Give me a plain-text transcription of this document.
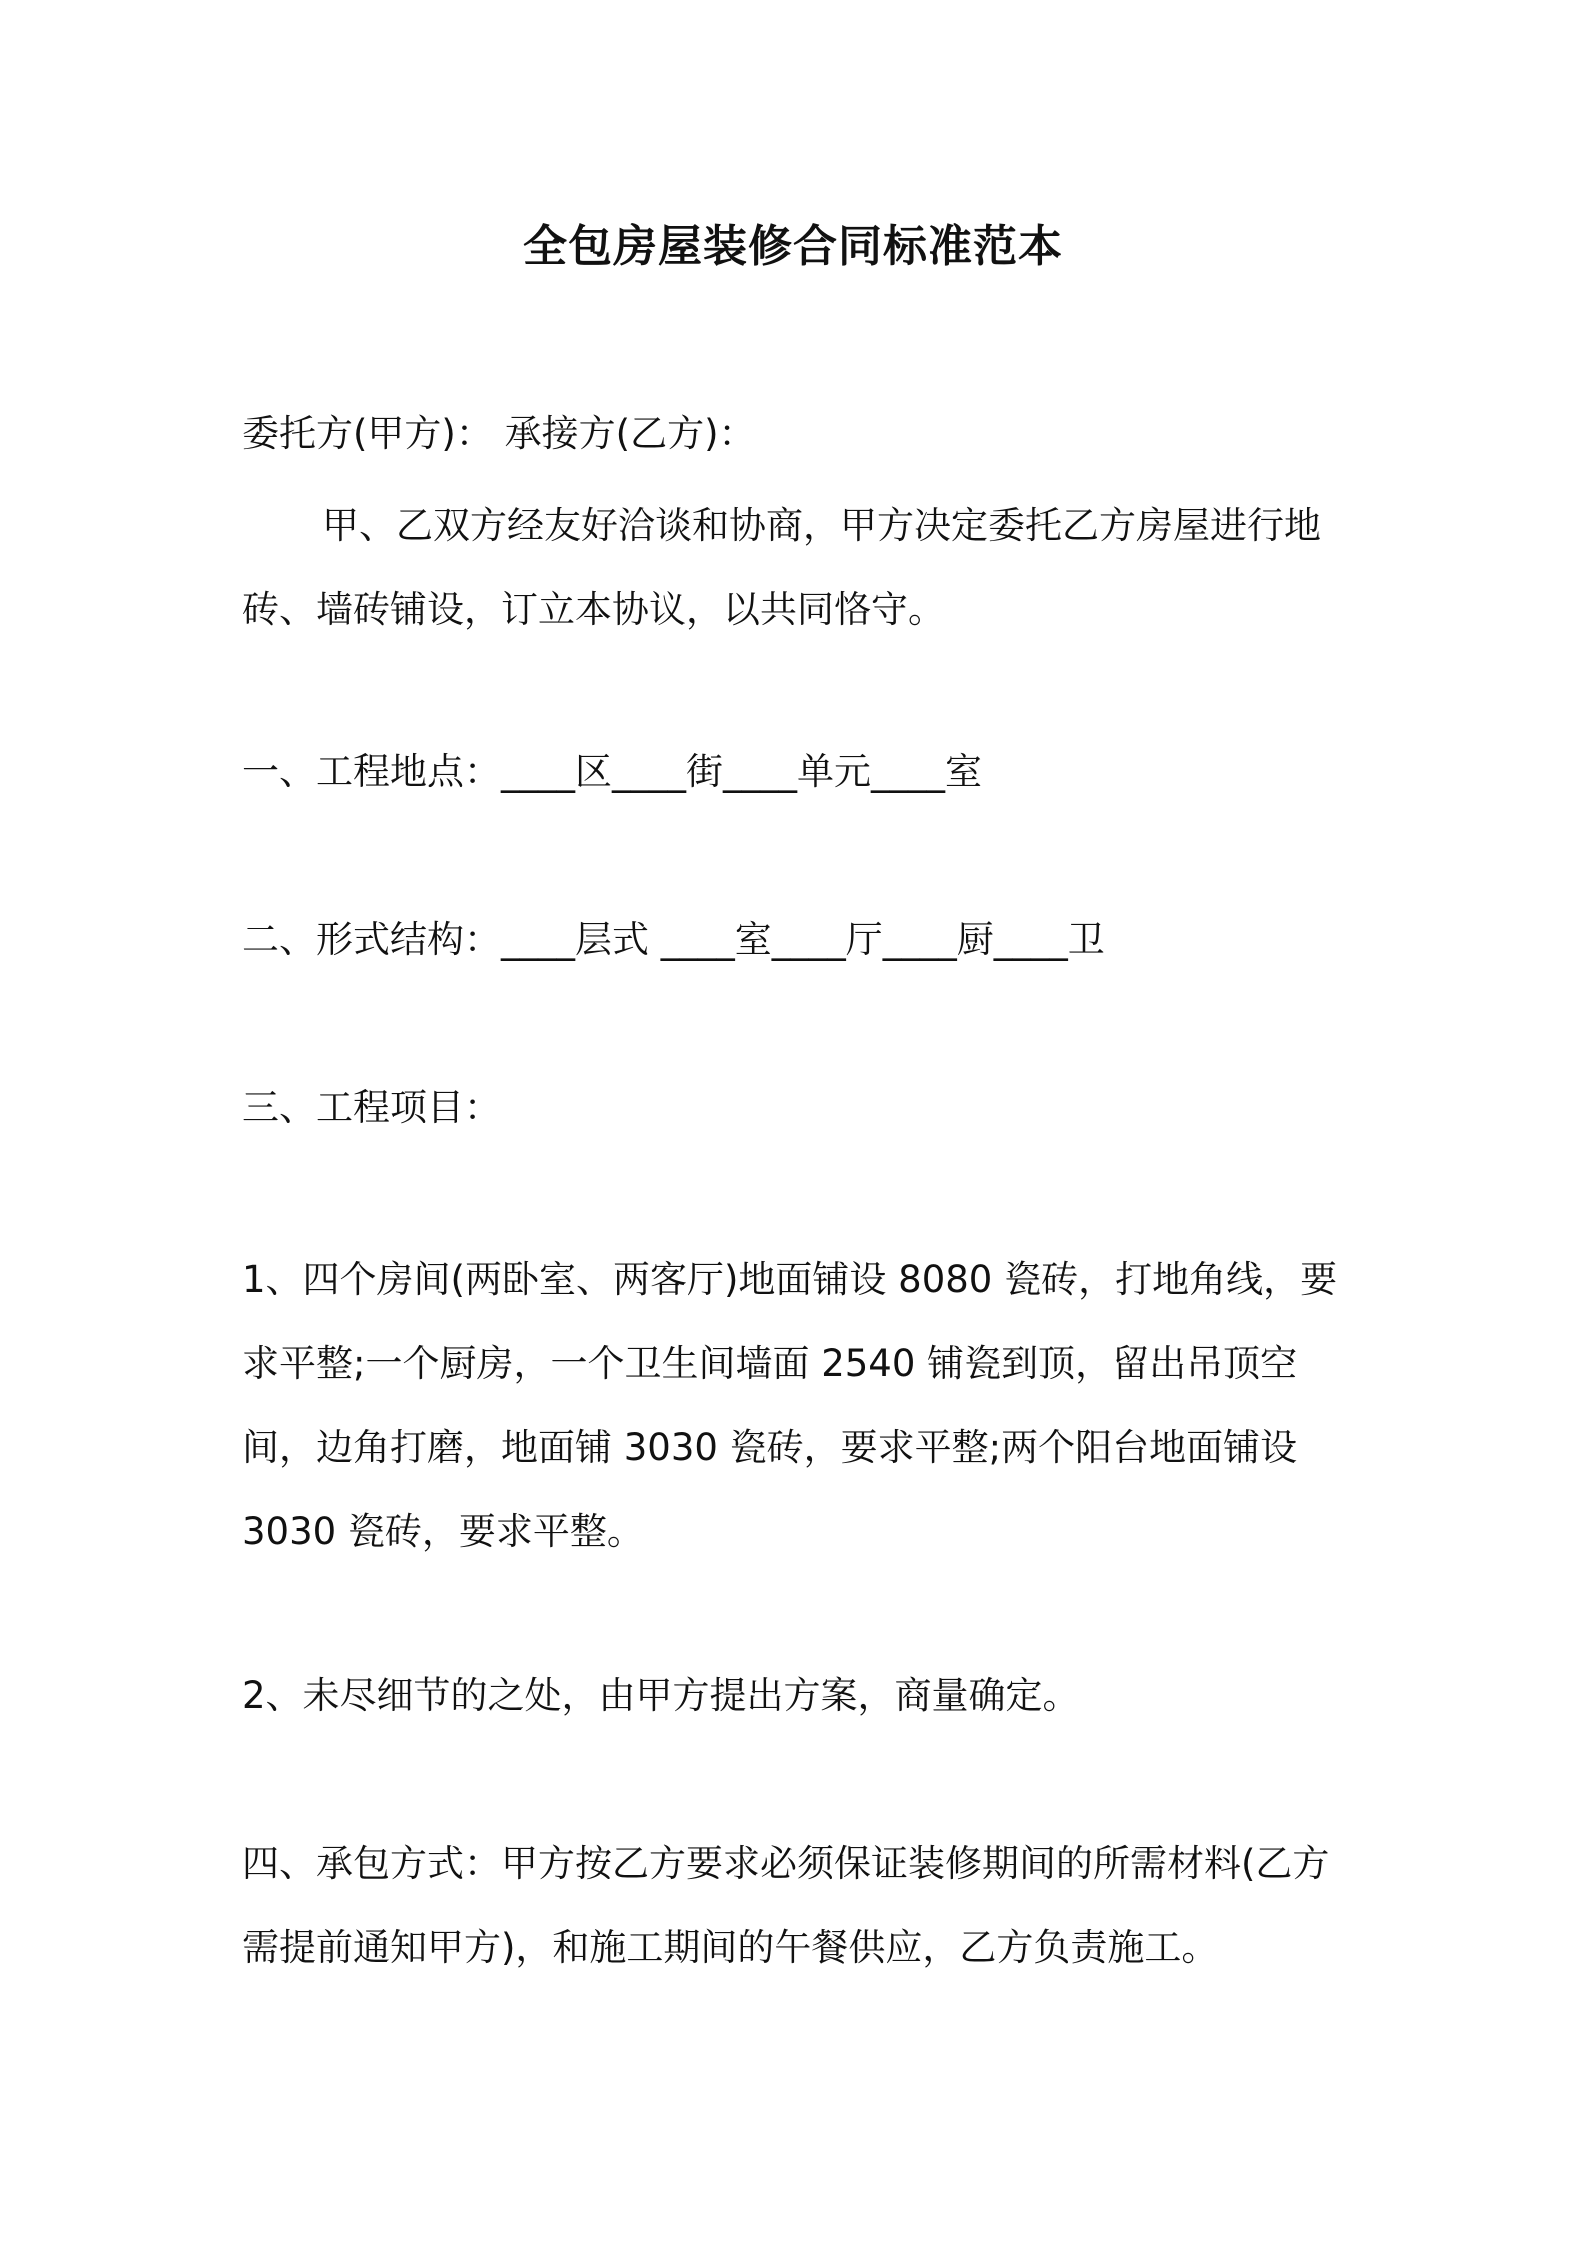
全包房屋装修合同标准范本
委托方(甲方)： 承接方(乙方)：
甲、乙双方经友好洽谈和协商，甲方决定委托乙方房屋进行地砖、墙砖铺设，订立本协议，以共同恪守。
一、工程地点：____区____街____单元____室
二、形式结构：____层式 ____室____厅____厨____卫
三、工程项目：
1、四个房间(两卧室、两客厅)地面铺设 8080 瓷砖，打地角线，要求平整;一个厨房，一个卫生间墙面 2540 铺瓷到顶，留出吊顶空间，边角打磨，地面铺 3030 瓷砖，要求平整;两个阳台地面铺设 3030 瓷砖，要求平整。
2、未尽细节的之处，由甲方提出方案，商量确定。
四、承包方式：甲方按乙方要求必须保证装修期间的所需材料(乙方需提前通知甲方)，和施工期间的午餐供应，乙方负责施工。
